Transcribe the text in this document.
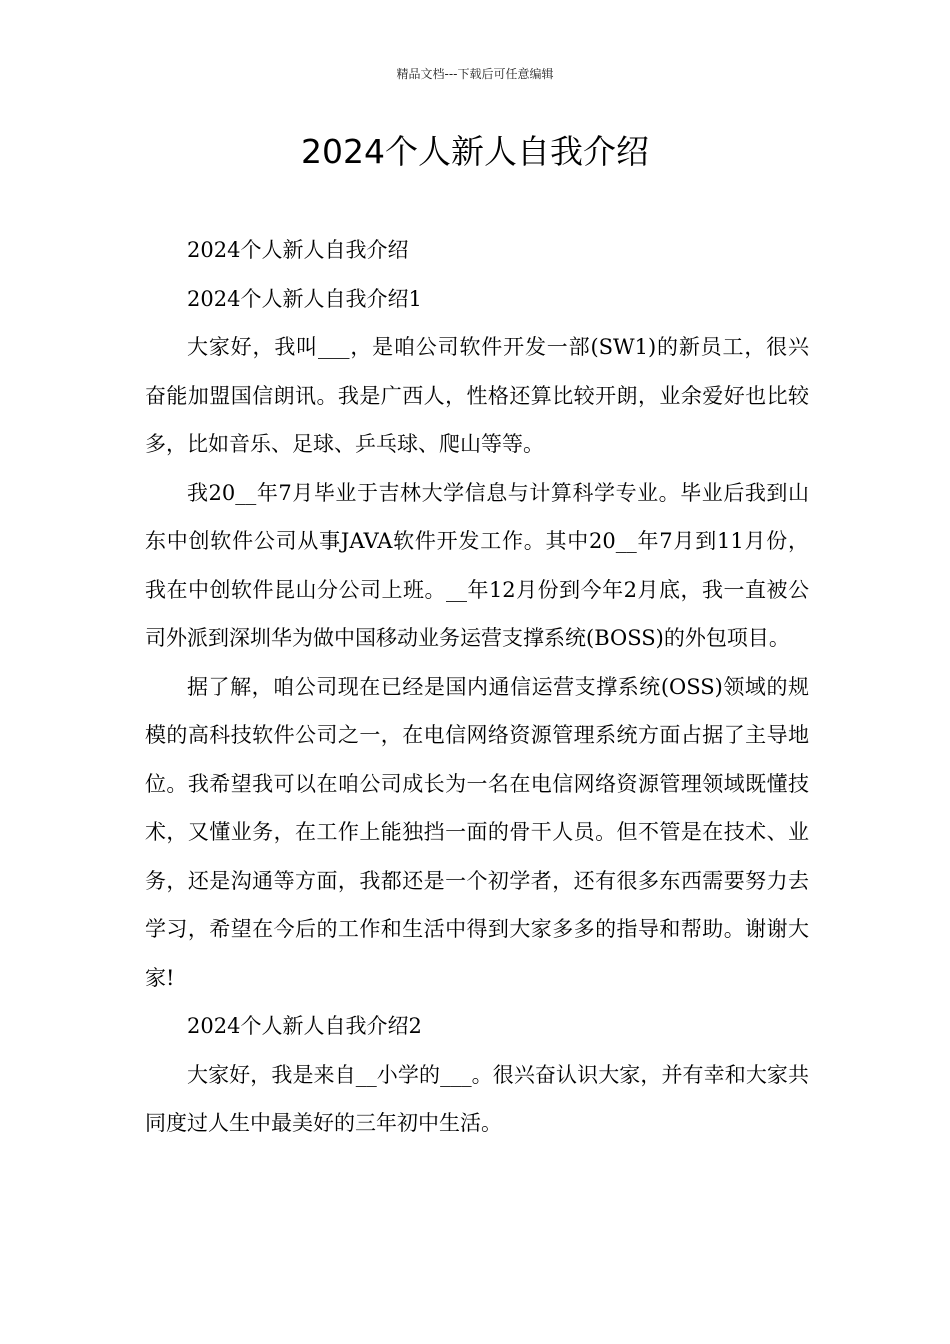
精品文档---下载后可任意编辑
2024个人新人自我介绍

2024个人新人自我介绍

2024个人新人自我介绍1

大家好，我叫___，是咱公司软件开发一部(SW1)的新员工，很兴奋能加盟国信朗讯。我是广西人，性格还算比较开朗，业余爱好也比较多，比如音乐、足球、乒乓球、爬山等等。

我20__年7月毕业于吉林大学信息与计算科学专业。毕业后我到山东中创软件公司从事JAVA软件开发工作。其中20__年7月到11月份，我在中创软件昆山分公司上班。__年12月份到今年2月底，我一直被公司外派到深圳华为做中国移动业务运营支撑系统(BOSS)的外包项目。

据了解，咱公司现在已经是国内通信运营支撑系统(OSS)领域的规模的高科技软件公司之一，在电信网络资源管理系统方面占据了主导地位。我希望我可以在咱公司成长为一名在电信网络资源管理领域既懂技术，又懂业务，在工作上能独挡一面的骨干人员。但不管是在技术、业务，还是沟通等方面，我都还是一个初学者，还有很多东西需要努力去学习，希望在今后的工作和生活中得到大家多多的指导和帮助。谢谢大家!

2024个人新人自我介绍2

大家好，我是来自__小学的___。很兴奋认识大家，并有幸和大家共同度过人生中最美好的三年初中生活。
